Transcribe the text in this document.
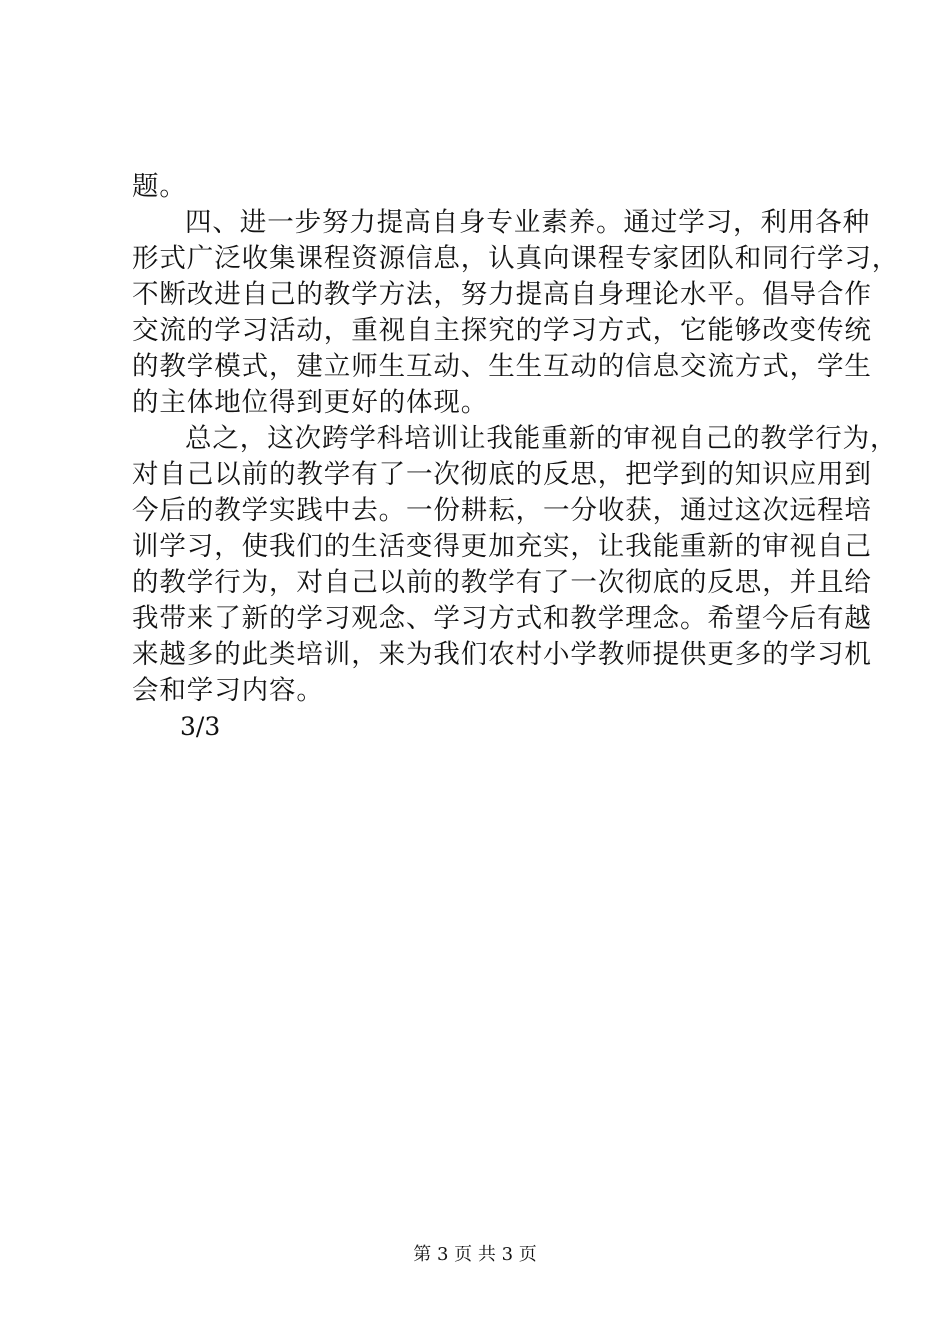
题。
四、进一步努力提高自身专业素养。通过学习，利用各种
形式广泛收集课程资源信息，认真向课程专家团队和同行学习，
不断改进自己的教学方法，努力提高自身理论水平。倡导合作
交流的学习活动，重视自主探究的学习方式，它能够改变传统
的教学模式，建立师生互动、生生互动的信息交流方式，学生
的主体地位得到更好的体现。
总之，这次跨学科培训让我能重新的审视自己的教学行为，
对自己以前的教学有了一次彻底的反思，把学到的知识应用到
今后的教学实践中去。一份耕耘，一分收获，通过这次远程培
训学习，使我们的生活变得更加充实，让我能重新的审视自己
的教学行为，对自己以前的教学有了一次彻底的反思，并且给
我带来了新的学习观念、学习方式和教学理念。希望今后有越
来越多的此类培训，来为我们农村小学教师提供更多的学习机
会和学习内容。
3/3
第 3 页 共 3 页
